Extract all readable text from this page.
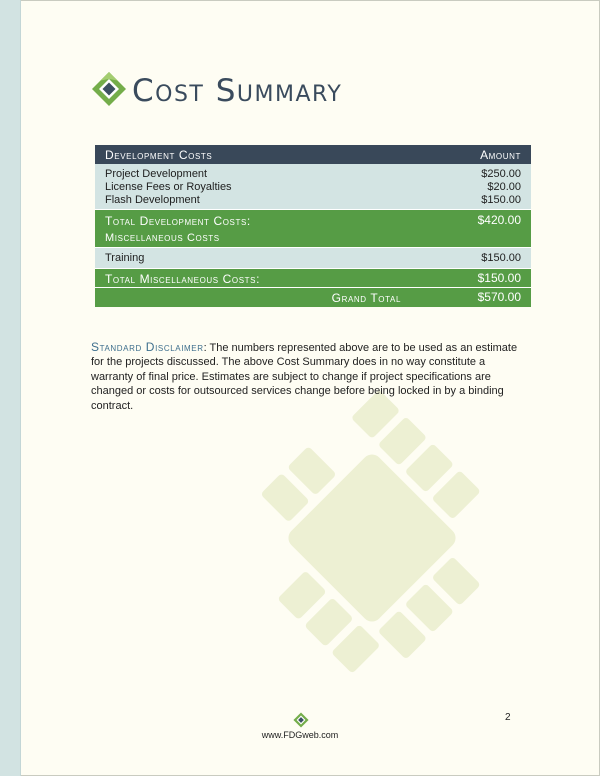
Cost Summary
Development Costs	Amount
Project Development	$250.00
License Fees or Royalties	$20.00
Flash Development	$150.00
Total Development Costs:	$420.00
Miscellaneous Costs
Training	$150.00
Total Miscellaneous Costs:	$150.00
Grand Total	$570.00
Standard Disclaimer: The numbers represented above are to be used as an estimate for the projects discussed. The above Cost Summary does in no way constitute a warranty of final price. Estimates are subject to change if project specifications are changed or costs for outsourced services change before being locked in by a binding contract.
www.FDGweb.com
2
